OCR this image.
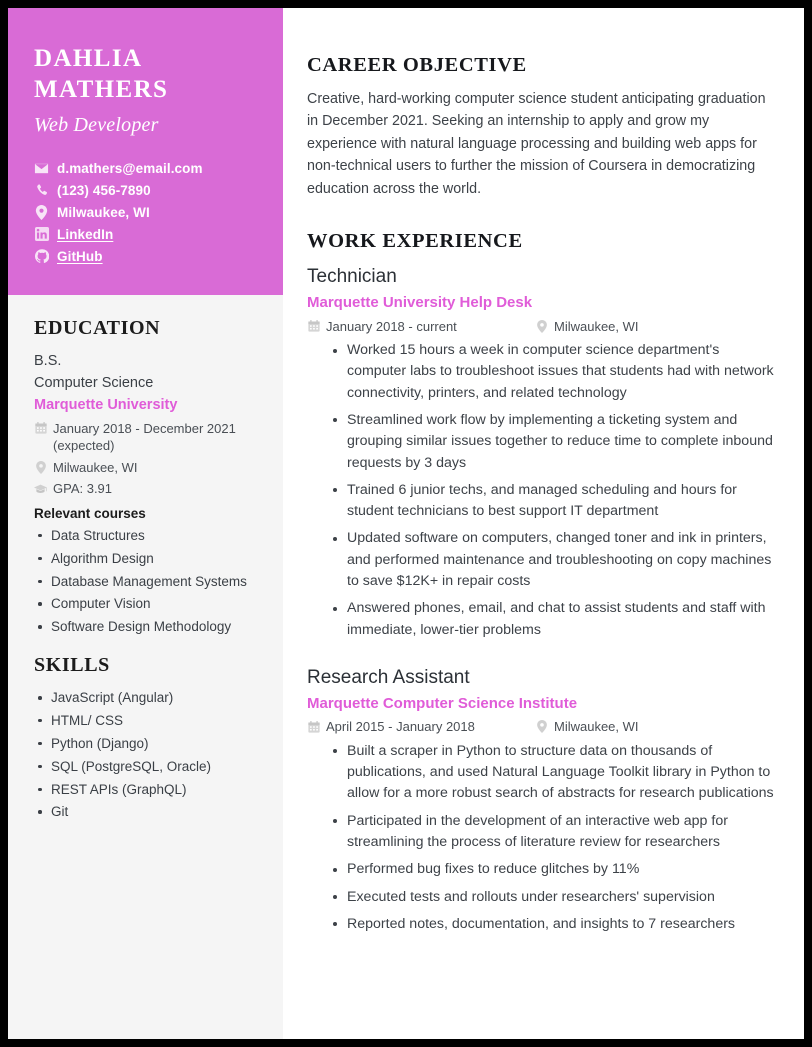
DAHLIA
MATHERS
Web Developer
d.mathers@email.com
(123) 456-7890
Milwaukee, WI
LinkedIn
GitHub
EDUCATION
B.S.
Computer Science
Marquette University
January 2018 - December 2021 (expected)
Milwaukee, WI
GPA: 3.91
Relevant courses
Data Structures
Algorithm Design
Database Management Systems
Computer Vision
Software Design Methodology
SKILLS
JavaScript (Angular)
HTML/ CSS
Python (Django)
SQL (PostgreSQL, Oracle)
REST APIs (GraphQL)
Git
CAREER OBJECTIVE

Creative, hard-working computer science student anticipating graduation in December 2021. Seeking an internship to apply and grow my experience with natural language processing and building web apps for non-technical users to further the mission of Coursera in democratizing education across the world.

WORK EXPERIENCE
Technician
Marquette University Help Desk
January 2018 - current	Milwaukee, WI
Worked 15 hours a week in computer science department's computer labs to troubleshoot issues that students had with network connectivity, printers, and related technology
Streamlined work flow by implementing a ticketing system and grouping similar issues together to reduce time to complete inbound requests by 3 days
Trained 6 junior techs, and managed scheduling and hours for student technicians to best support IT department
Updated software on computers, changed toner and ink in printers, and performed maintenance and troubleshooting on copy machines to save $12K+ in repair costs
Answered phones, email, and chat to assist students and staff with immediate, lower-tier problems
Research Assistant
Marquette Computer Science Institute
April 2015 - January 2018	Milwaukee, WI
Built a scraper in Python to structure data on thousands of publications, and used Natural Language Toolkit library in Python to allow for a more robust search of abstracts for research publications
Participated in the development of an interactive web app for streamlining the process of literature review for researchers
Performed bug fixes to reduce glitches by 11%
Executed tests and rollouts under researchers' supervision
Reported notes, documentation, and insights to 7 researchers
